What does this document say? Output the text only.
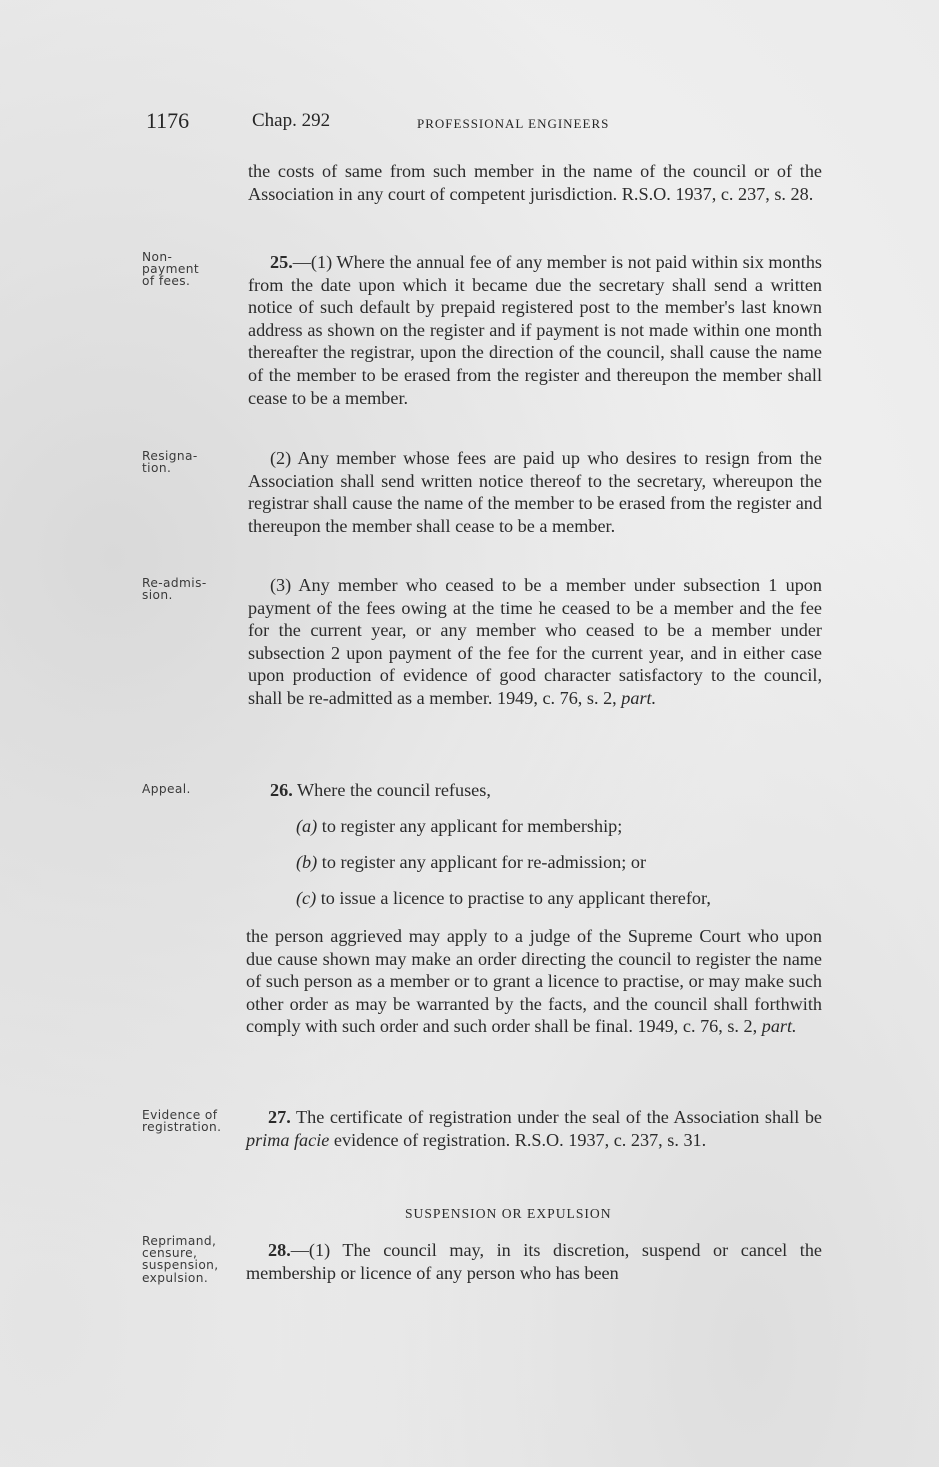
1176	Chap. 292	PROFESSIONAL ENGINEERS
the costs of same from such member in the name of the council or of the Association in any court of competent jurisdiction. R.S.O. 1937, c. 237, s. 28.
Non-
payment
of fees.
25.—(1) Where the annual fee of any member is not paid within six months from the date upon which it became due the secretary shall send a written notice of such default by prepaid registered post to the member's last known address as shown on the register and if payment is not made within one month thereafter the registrar, upon the direction of the council, shall cause the name of the member to be erased from the register and thereupon the member shall cease to be a member.
Resigna-
tion.
(2) Any member whose fees are paid up who desires to resign from the Association shall send written notice thereof to the secretary, whereupon the registrar shall cause the name of the member to be erased from the register and thereupon the member shall cease to be a member.
Re-admis-
sion.
(3) Any member who ceased to be a member under subsection 1 upon payment of the fees owing at the time he ceased to be a member and the fee for the current year, or any member who ceased to be a member under subsection 2 upon payment of the fee for the current year, and in either case upon production of evidence of good character satisfactory to the council, shall be re-admitted as a member. 1949, c. 76, s. 2, part.
Appeal.	26. Where the council refuses,
(a) to register any applicant for membership;
(b) to register any applicant for re-admission; or
(c) to issue a licence to practise to any applicant therefor,
the person aggrieved may apply to a judge of the Supreme Court who upon due cause shown may make an order directing the council to register the name of such person as a member or to grant a licence to practise, or may make such other order as may be warranted by the facts, and the council shall forthwith comply with such order and such order shall be final. 1949, c. 76, s. 2, part.
Evidence of
registration.
27. The certificate of registration under the seal of the Association shall be prima facie evidence of registration. R.S.O. 1937, c. 237, s. 31.
SUSPENSION OR EXPULSION
Reprimand,
censure,
suspension,
expulsion.
28.—(1) The council may, in its discretion, suspend or cancel the membership or licence of any person who has been
